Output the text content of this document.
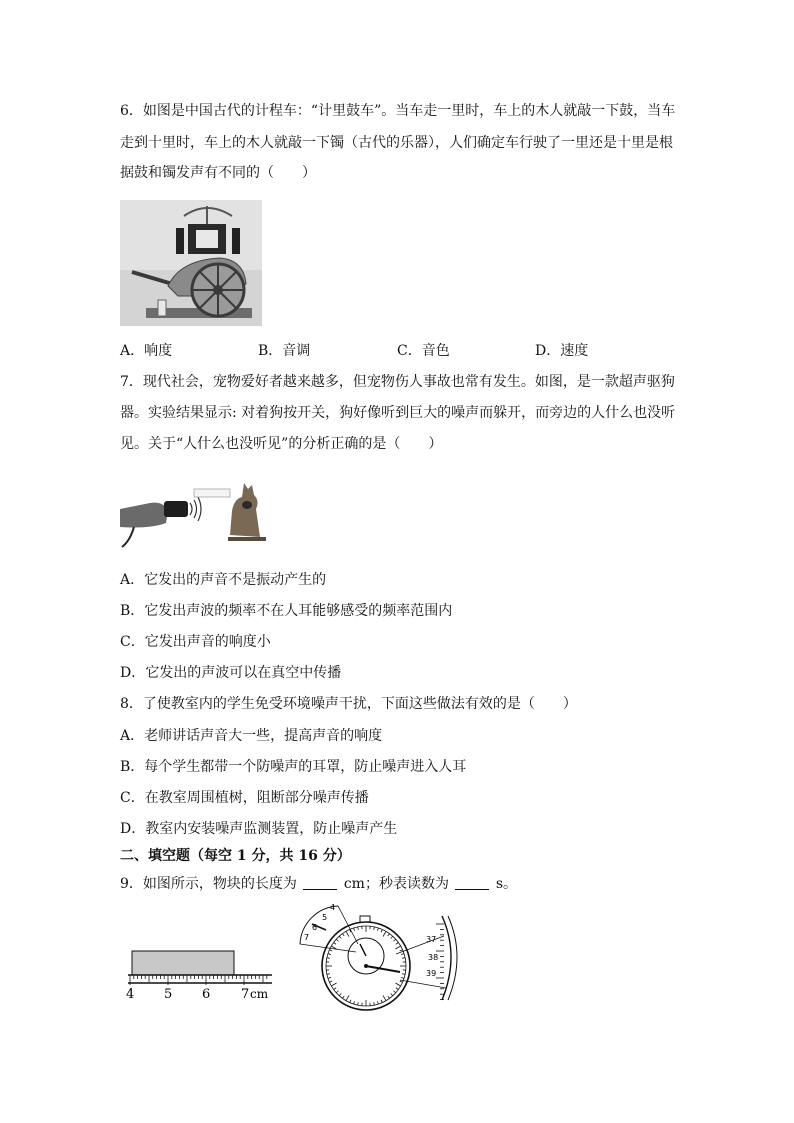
6．如图是中国古代的计程车：“计里鼓车”。当车走一里时，车上的木人就敲一下鼓，当车
走到十里时，车上的木人就敲一下镯（古代的乐器），人们确定车行驶了一里还是十里是根
据鼓和镯发声有不同的（　　）
A．响度	B．音调	C．音色	D．速度
7．现代社会，宠物爱好者越来越多，但宠物伤人事故也常有发生。如图，是一款超声驱狗
器。实验结果显示: 对着狗按开关，狗好像听到巨大的噪声而躲开，而旁边的人什么也没听
见。关于“人什么也没听见”的分析正确的是（　　）
A．它发出的声音不是振动产生的
B．它发出声波的频率不在人耳能够感受的频率范围内
C．它发出声音的响度小
D．它发出的声波可以在真空中传播
8．了使教室内的学生免受环境噪声干扰，下面这些做法有效的是（　　）
A．老师讲话声音大一些，提高声音的响度
B．每个学生都带一个防噪声的耳罩，防止噪声进入人耳
C．在教室周围植树，阻断部分噪声传播
D．教室内安装噪声监测装置，防止噪声产生
二、填空题（每空 1 分，共 16 分）
9．如图所示，物块的长度为	cm；秒表读数为	s。
4 5 6 7 cm
4
5
6
7	37
38
39
